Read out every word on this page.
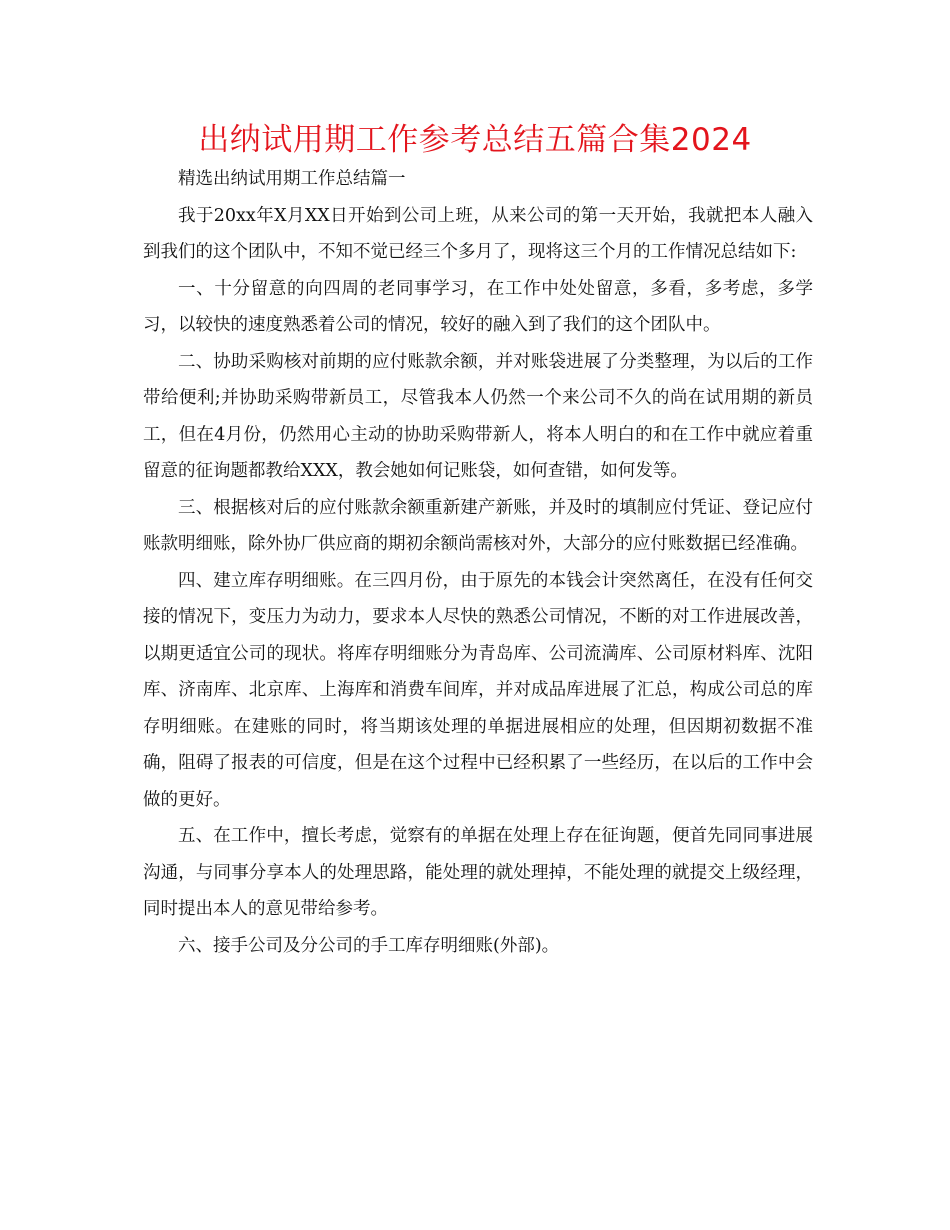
出纳试用期工作参考总结五篇合集2024

精选出纳试用期工作总结篇一

我于20xx年X月XX日开始到公司上班，从来公司的第一天开始，我就把本人融入到我们的这个团队中，不知不觉已经三个多月了，现将这三个月的工作情况总结如下:

一、十分留意的向四周的老同事学习，在工作中处处留意，多看，多考虑，多学习，以较快的速度熟悉着公司的情况，较好的融入到了我们的这个团队中。

二、协助采购核对前期的应付账款余额，并对账袋进展了分类整理，为以后的工作带给便利;并协助采购带新员工，尽管我本人仍然一个来公司不久的尚在试用期的新员工，但在4月份，仍然用心主动的协助采购带新人，将本人明白的和在工作中就应着重留意的征询题都教给XXX，教会她如何记账袋，如何查错，如何发等。

三、根据核对后的应付账款余额重新建产新账，并及时的填制应付凭证、登记应付账款明细账，除外协厂供应商的期初余额尚需核对外，大部分的应付账数据已经准确。

四、建立库存明细账。在三四月份，由于原先的本钱会计突然离任，在没有任何交接的情况下，变压力为动力，要求本人尽快的熟悉公司情况，不断的对工作进展改善，以期更适宜公司的现状。将库存明细账分为青岛库、公司流満库、公司原材料库、沈阳库、济南库、北京库、上海库和消费车间库，并对成品库进展了汇总，构成公司总的库存明细账。在建账的同时，将当期该处理的单据进展相应的处理，但因期初数据不准确，阻碍了报表的可信度，但是在这个过程中已经积累了一些经历，在以后的工作中会做的更好。

五、在工作中，擅长考虑，觉察有的单据在处理上存在征询题，便首先同同事进展沟通，与同事分享本人的处理思路，能处理的就处理掉，不能处理的就提交上级经理，同时提出本人的意见带给参考。

六、接手公司及分公司的手工库存明细账(外部)。
